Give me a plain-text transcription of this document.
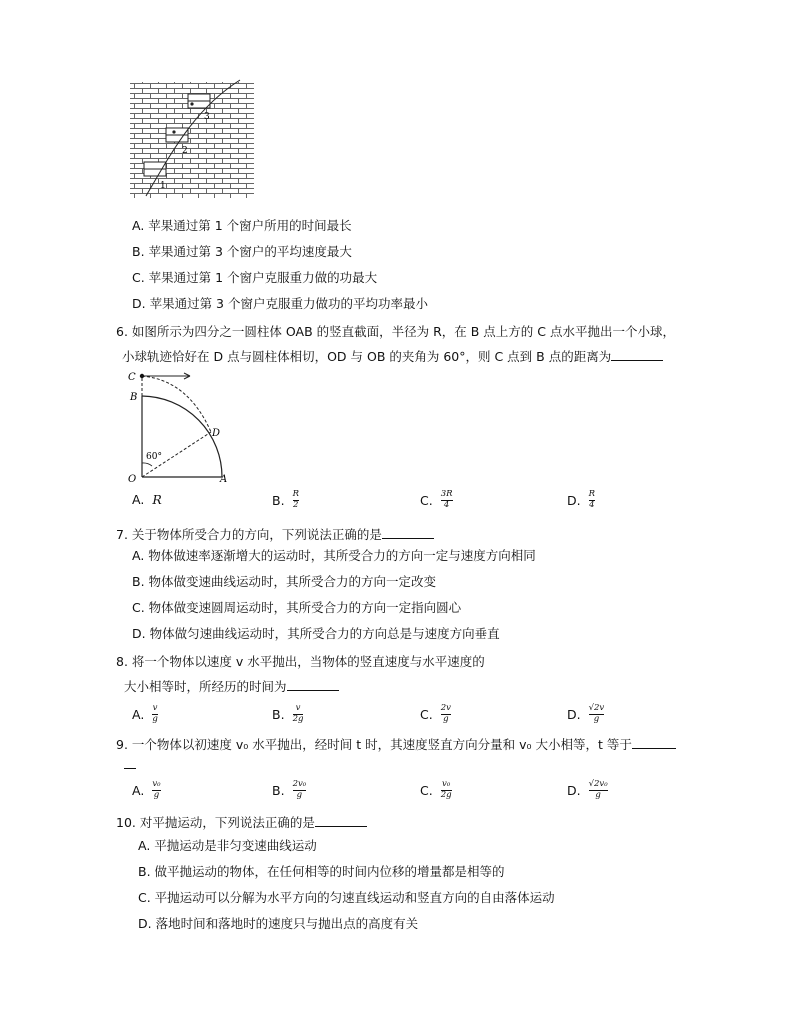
3
2
1
A. 苹果通过第 1 个窗户所用的时间最长
B. 苹果通过第 3 个窗户的平均速度最大
C. 苹果通过第 1 个窗户克服重力做的功最大
D. 苹果通过第 3 个窗户克服重力做功的平均功率最小
6. 如图所示为四分之一圆柱体 OAB 的竖直截面，半径为 R，在 B 点上方的 C 点水平抛出一个小球，
小球轨迹恰好在 D 点与圆柱体相切，OD 与 OB 的夹角为 60°，则 C 点到 B 点的距离为
C
B
D
O	A
60°
A. R	B. $\frac{R}{2}$	C. $\frac{3R}{4}$	D. $\frac{R}{4}$
7. 关于物体所受合力的方向，下列说法正确的是
A. 物体做速率逐渐增大的运动时，其所受合力的方向一定与速度方向相同
B. 物体做变速曲线运动时，其所受合力的方向一定改变
C. 物体做变速圆周运动时，其所受合力的方向一定指向圆心
D. 物体做匀速曲线运动时，其所受合力的方向总是与速度方向垂直
8. 将一个物体以速度 v 水平抛出，当物体的竖直速度与水平速度的
大小相等时，所经历的时间为
A. $\frac{v}{g}$	B. $\frac{v}{2g}$	C. $\frac{2v}{g}$	D. $\frac{√2v}{g}$
9. 一个物体以初速度 v₀ 水平抛出，经时间 t 时，其速度竖直方向分量和 v₀ 大小相等，t 等于
A. $\frac{\text{v₀}}{g}$	B. $\frac{\text{2v₀}}{g}$	C. $\frac{\text{v₀}}{2g}$	D. $\frac{\text{√2v₀}}{g}$
10. 对平抛运动，下列说法正确的是
A. 平抛运动是非匀变速曲线运动
B. 做平抛运动的物体，在任何相等的时间内位移的增量都是相等的
C. 平抛运动可以分解为水平方向的匀速直线运动和竖直方向的自由落体运动
D. 落地时间和落地时的速度只与抛出点的高度有关
